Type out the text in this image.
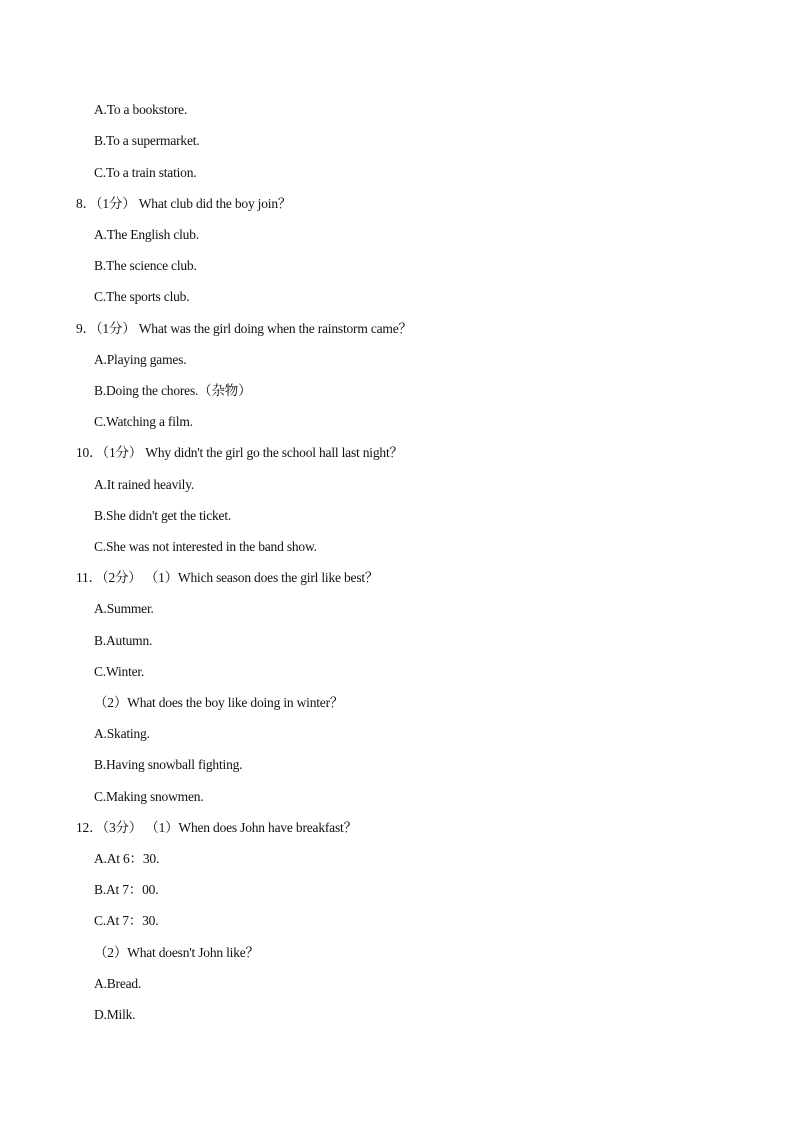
A.To a bookstore.
B.To a supermarket.
C.To a train station.
8．（1分） What club did the boy join？
A.The English club.
B.The science club.
C.The sports club.
9．（1分） What was the girl doing when the rainstorm came？
A.Playing games.
B.Doing the chores.（杂物）
C.Watching a film.
10．（1分） Why didn't the girl go the school hall last night？
A.It rained heavily.
B.She didn't get the ticket.
C.She was not interested in the band show.
11．（2分） （1）Which season does the girl like best？
A.Summer.
B.Autumn.
C.Winter.
（2）What does the boy like doing in winter？
A.Skating.
B.Having snowball fighting.
C.Making snowmen.
12．（3分） （1）When does John have breakfast？
A.At 6：30.
B.At 7：00.
C.At 7：30.
（2）What doesn't John like？
A.Bread.
D.Milk.
